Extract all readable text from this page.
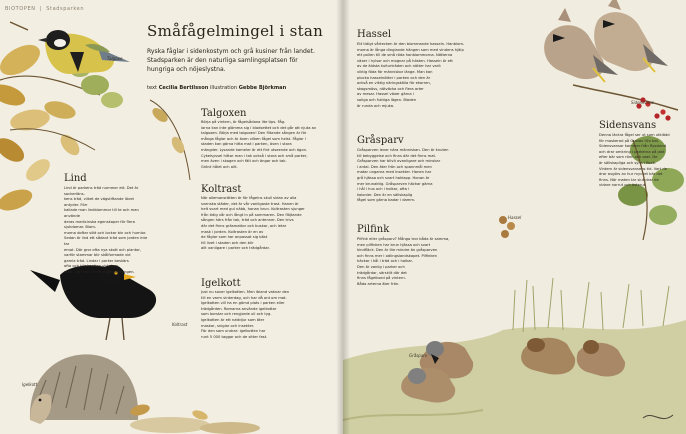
BIOTOPEN | Stadsparken
Småfågelmingel i stan
Ryska fåglar i sidenkostym och grå kusiner från landet. Stadsparken är den naturliga samlingsplatsen för hungriga och nöjeslystna.
text Cecilia Bertilsson illustration Gebbe Björkman
Talgoxe
Koltrast
Igelkott
Lind
Lind är parkens träd nummer ett. Det är sockerlöns-
kens träd, vilket de vägstiftande lövet antyder. Förr
kallade man lindblommor till te och man använde
deras medicinska egenskaper för flera sjukdomar. Blom-
morna doftar sött och lockar bin och humlor.
Sedan är lind ett sådant träd som jorden inte tar
emot. Där gror ofta nya skott och plantor,
varför stammar blir skålformade vid
gamla träd. Lindar i parker beskärs
ofta och blir knotiga vid stam-
men. Carl von Linné, blomsterkungen.
Talgoxen
Börja på vintern, är fågelsådana lite tips. Fåg-
larna kan inte glömma sig i blodsettet och det går att njuta av
talgoxen. Börja med talgoxen! Den flitande sången är för
många fåglar och är även vilken fågel som helst. Fåglar i
staden kan gärna hitta mat i parken, även i stora
mängder. Lysande kameler är ett fint utseende och ögon.
Cykelsyssel hittar man i tak också i stora och små parker,
men även i skogen och fält och ängar och tak.
Grönt hålet och allt.
Koltrast
När allemansrätten är för fågelns skull sidan av alla
svenska städer, det är vår vanligaste trast. Hanen är
helt svart med gul näbb, honan brun. Koltrasten sjunger
från tidig vår och långt in på sommaren. Den flöjtande
sången hörs från tak, träd och antenner. Den trivs
där det finns gräsmattor och buskar, och letar
mask i jorden. Koltrasten är en av
de fåglar som har anpassat sig bäst
till livet i staden och den blir
allt vanligare i parker och trädgårdar.
Igelkott
Just nu sover igelkotten. Men ibland vaknar den
till en varm vinterdag, och har då ont om mat.
Igelkotten vill ha en gömd plats i parken eller
trädgården. Romarna använde igelkottar
som borstar och rengjorde ull och tyg.
Igelkotten är ett nattdjur som äter
maskar, sniglar och insekter.
För den som undrar: igelkotten har
runt 5 000 taggar och de sitter fast.
Sidensvans
Hassel
Gråsparv
Hassel
Ett tidigt vårtecken är den blommande hasseln. Hanblom-
morna är långa dinglande hängen som med vindens hjälp
ett pollen till de små röda honblommorna. Nötterna
växer i hylsor och mognar på hösten. Hasseln är ett
av de äldsta kulturträden och nötter har varit
viktig föda för människor länge. Man kan
plocka hasselnötter i parken och den är
också en viktig näringskälla för ekorren,
skogsmöss, nötväcka och flera arter
av mesar. Hassel växer gärna i
soliga och fuktiga lägen. Bladen
är runda och mjuka.
Sidensvans
Denna läckra fågel ser ut som utklädd
för maskerad på Gustav III:s bal.
Sidensvansar kommer från Ryssland
och drar omkring i parkerna på jakt
efter bär som rönn och oxel. De
är sällskapliga och syns i flock.
Vintern är sidensvansens tid. Vart de
drar avgörs av hur mycket bär det
finns. När maten tar slut drar de
vidare norrut och österut.
Gråsparv
Gråsparven lever nära människan. Den är knuten
till bebyggelse och finns där det finns mat.
Gråsparven har blivit ovanligare och minskar
i antal. Den äter frön och spannmål men
matar ungarna med insekter. Hanen har
grå hjässa och svart haklapp. Honan är
mer brunaktig. Gråsparven häckar gärna
i hål i hus och i holkar, ofta i
kolonier. Den är en sällskaplig
fågel som gärna badar i damm.
Pilfink
Pilfink eller gråsparv? Många tror båda är samma,
men pilfinken har brun hjässa och svart
kindfläck. Den är lite mindre än gråsparven
och finns mer i odlingslandskapet. Pilfinken
häckar i hål i träd och i holkar.
Den är vanlig i parker och
trädgårdar, särskilt där det
finns fågelbord på vintern.
Båda arterna äter frön.
